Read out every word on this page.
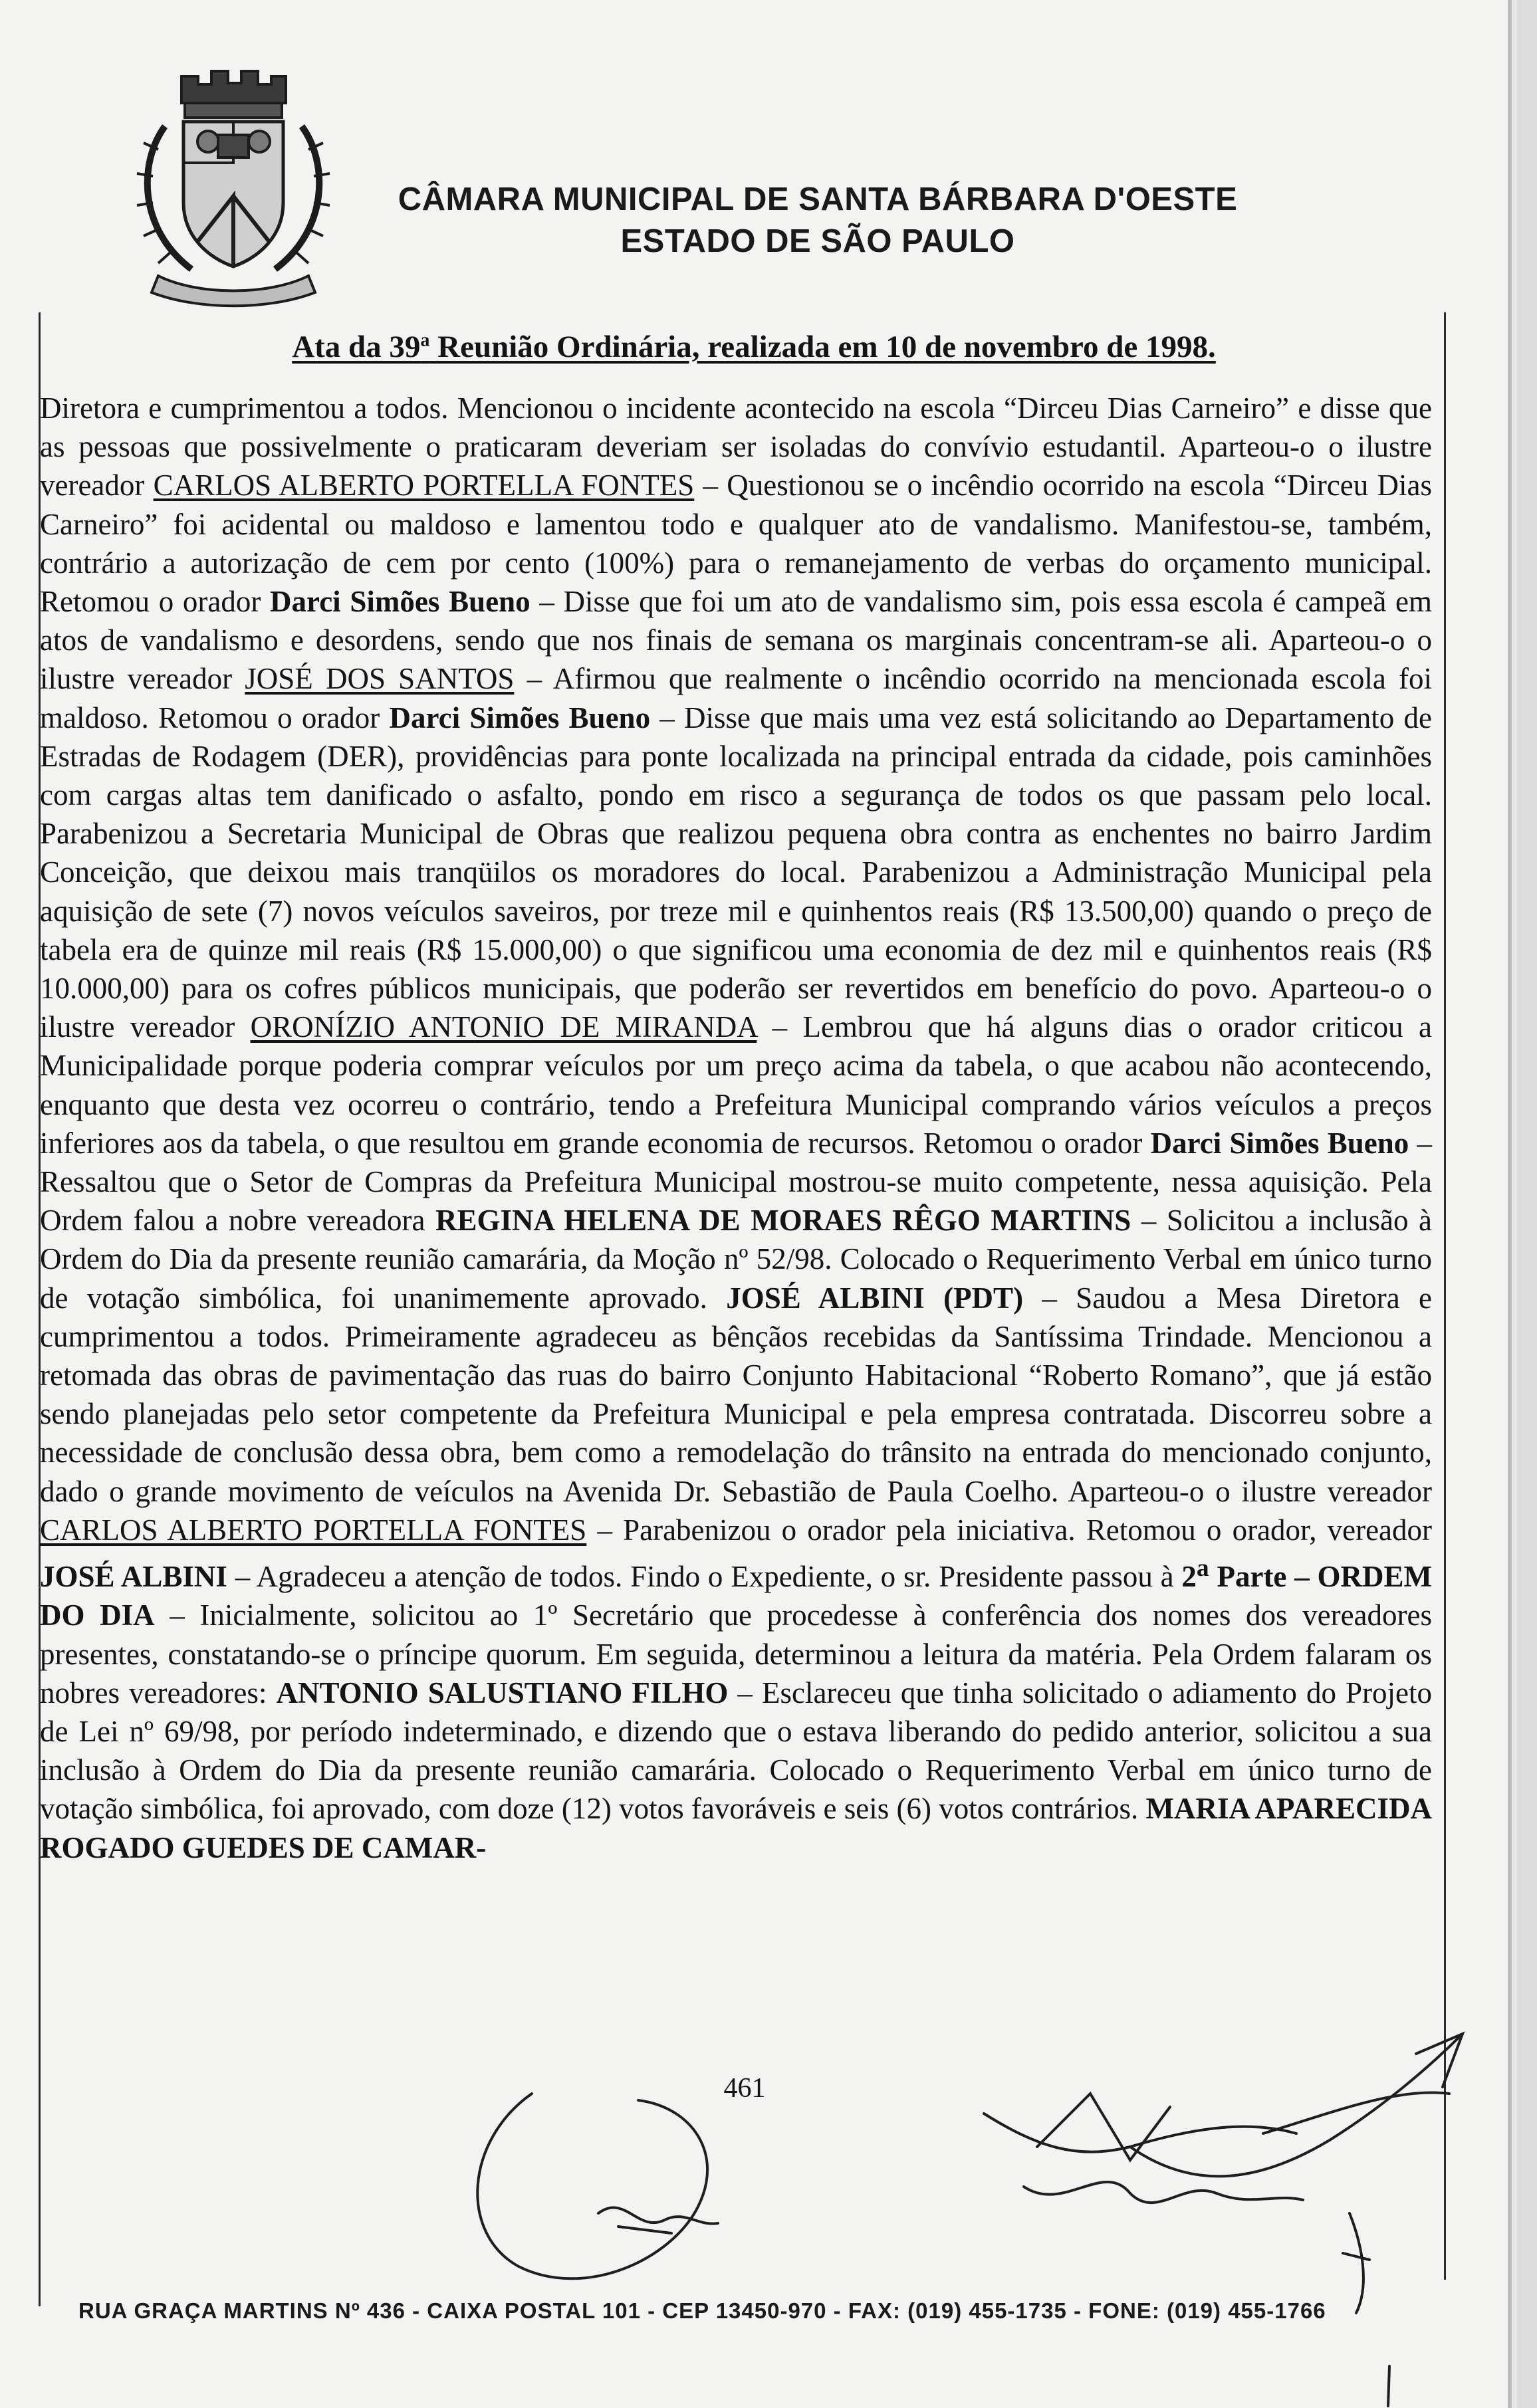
CÂMARA MUNICIPAL DE SANTA BÁRBARA D'OESTE
ESTADO DE SÃO PAULO
Ata da 39$^a$ Reunião Ordinária, realizada em 10 de novembro de 1998.

Diretora e cumprimentou a todos. Mencionou o incidente acontecido na escola “Dirceu Dias Carneiro” e disse que as pessoas que possivelmente o praticaram deveriam ser isoladas do convívio estudantil. Aparteou-o o ilustre vereador CARLOS ALBERTO PORTELLA FONTES – Questionou se o incêndio ocorrido na escola “Dirceu Dias Carneiro” foi acidental ou maldoso e lamentou todo e qualquer ato de vandalismo. Manifestou-se, também, contrário a autorização de cem por cento (100%) para o remanejamento de verbas do orçamento municipal. Retomou o orador Darci Simões Bueno – Disse que foi um ato de vandalismo sim, pois essa escola é campeã em atos de vandalismo e desordens, sendo que nos finais de semana os marginais concentram-se ali. Aparteou-o o ilustre vereador JOSÉ DOS SANTOS – Afirmou que realmente o incêndio ocorrido na mencionada escola foi maldoso. Retomou o orador Darci Simões Bueno – Disse que mais uma vez está solicitando ao Departamento de Estradas de Rodagem (DER), providências para ponte localizada na principal entrada da cidade, pois caminhões com cargas altas tem danificado o asfalto, pondo em risco a segurança de todos os que passam pelo local. Parabenizou a Secretaria Municipal de Obras que realizou pequena obra contra as enchentes no bairro Jardim Conceição, que deixou mais tranqüilos os moradores do local. Parabenizou a Administração Municipal pela aquisição de sete (7) novos veículos saveiros, por treze mil e quinhentos reais (R$ 13.500,00) quando o preço de tabela era de quinze mil reais (R$ 15.000,00) o que significou uma economia de dez mil e quinhentos reais (R$ 10.000,00) para os cofres públicos municipais, que poderão ser revertidos em benefício do povo. Aparteou-o o ilustre vereador ORONÍZIO ANTONIO DE MIRANDA – Lembrou que há alguns dias o orador criticou a Municipalidade porque poderia comprar veículos por um preço acima da tabela, o que acabou não acontecendo, enquanto que desta vez ocorreu o contrário, tendo a Prefeitura Municipal comprando vários veículos a preços inferiores aos da tabela, o que resultou em grande economia de recursos. Retomou o orador Darci Simões Bueno – Ressaltou que o Setor de Compras da Prefeitura Municipal mostrou-se muito competente, nessa aquisição. Pela Ordem falou a nobre vereadora REGINA HELENA DE MORAES RÊGO MARTINS – Solicitou a inclusão à Ordem do Dia da presente reunião camarária, da Moção nº 52/98. Colocado o Requerimento Verbal em único turno de votação simbólica, foi unanimemente aprovado. JOSÉ ALBINI (PDT) – Saudou a Mesa Diretora e cumprimentou a todos. Primeiramente agradeceu as bênçãos recebidas da Santíssima Trindade. Mencionou a retomada das obras de pavimentação das ruas do bairro Conjunto Habitacional “Roberto Romano”, que já estão sendo planejadas pelo setor competente da Prefeitura Municipal e pela empresa contratada. Discorreu sobre a necessidade de conclusão dessa obra, bem como a remodelação do trânsito na entrada do mencionado conjunto, dado o grande movimento de veículos na Avenida Dr. Sebastião de Paula Coelho. Aparteou-o o ilustre vereador CARLOS ALBERTO PORTELLA FONTES – Parabenizou o orador pela iniciativa. Retomou o orador, vereador JOSÉ ALBINI – Agradeceu a atenção de todos. Findo o Expediente, o sr. Presidente passou à 2$^a$ Parte – ORDEM DO DIA – Inicialmente, solicitou ao 1º Secretário que procedesse à conferência dos nomes dos vereadores presentes, constatando-se o príncipe quorum. Em seguida, determinou a leitura da matéria. Pela Ordem falaram os nobres vereadores: ANTONIO SALUSTIANO FILHO – Esclareceu que tinha solicitado o adiamento do Projeto de Lei nº 69/98, por período indeterminado, e dizendo que o estava liberando do pedido anterior, solicitou a sua inclusão à Ordem do Dia da presente reunião camarária. Colocado o Requerimento Verbal em único turno de votação simbólica, foi aprovado, com doze (12) votos favoráveis e seis (6) votos contrários. MARIA APARECIDA ROGADO GUEDES DE CAMAR-

461
RUA GRAÇA MARTINS Nº 436 - CAIXA POSTAL 101 - CEP 13450-970 - FAX: (019) 455-1735 - FONE: (019) 455-1766
